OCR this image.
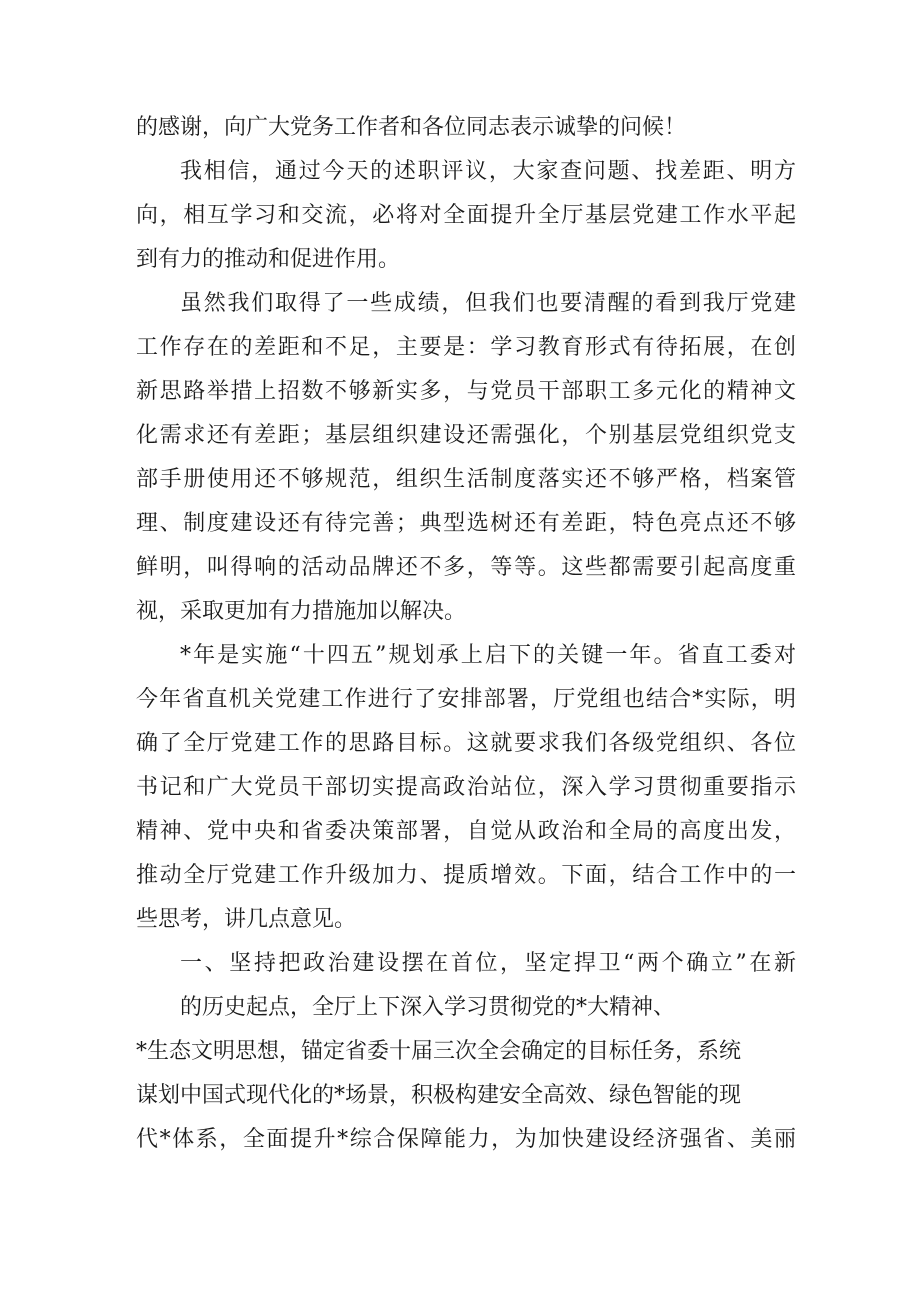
的感谢，向广大党务工作者和各位同志表示诚挚的问候！

我相信，通过今天的述职评议，大家查问题、找差距、明方

向，相互学习和交流，必将对全面提升全厅基层党建工作水平起

到有力的推动和促进作用。

虽然我们取得了一些成绩，但我们也要清醒的看到我厅党建

工作存在的差距和不足，主要是：学习教育形式有待拓展，在创

新思路举措上招数不够新实多，与党员干部职工多元化的精神文

化需求还有差距；基层组织建设还需强化，个别基层党组织党支

部手册使用还不够规范，组织生活制度落实还不够严格，档案管

理、制度建设还有待完善；典型选树还有差距，特色亮点还不够

鲜明，叫得响的活动品牌还不多，等等。这些都需要引起高度重

视，采取更加有力措施加以解决。

*年是实施“十四五”规划承上启下的关键一年。省直工委对

今年省直机关党建工作进行了安排部署，厅党组也结合*实际，明

确了全厅党建工作的思路目标。这就要求我们各级党组织、各位

书记和广大党员干部切实提高政治站位，深入学习贯彻重要指示

精神、党中央和省委决策部署，自觉从政治和全局的高度出发，

推动全厅党建工作升级加力、提质增效。下面，结合工作中的一

些思考，讲几点意见。

一、坚持把政治建设摆在首位，坚定捍卫“两个确立”在新

的历史起点，全厅上下深入学习贯彻党的*大精神、

*生态文明思想，锚定省委十届三次全会确定的目标任务，系统

谋划中国式现代化的*场景，积极构建安全高效、绿色智能的现

代*体系，全面提升*综合保障能力，为加快建设经济强省、美丽
